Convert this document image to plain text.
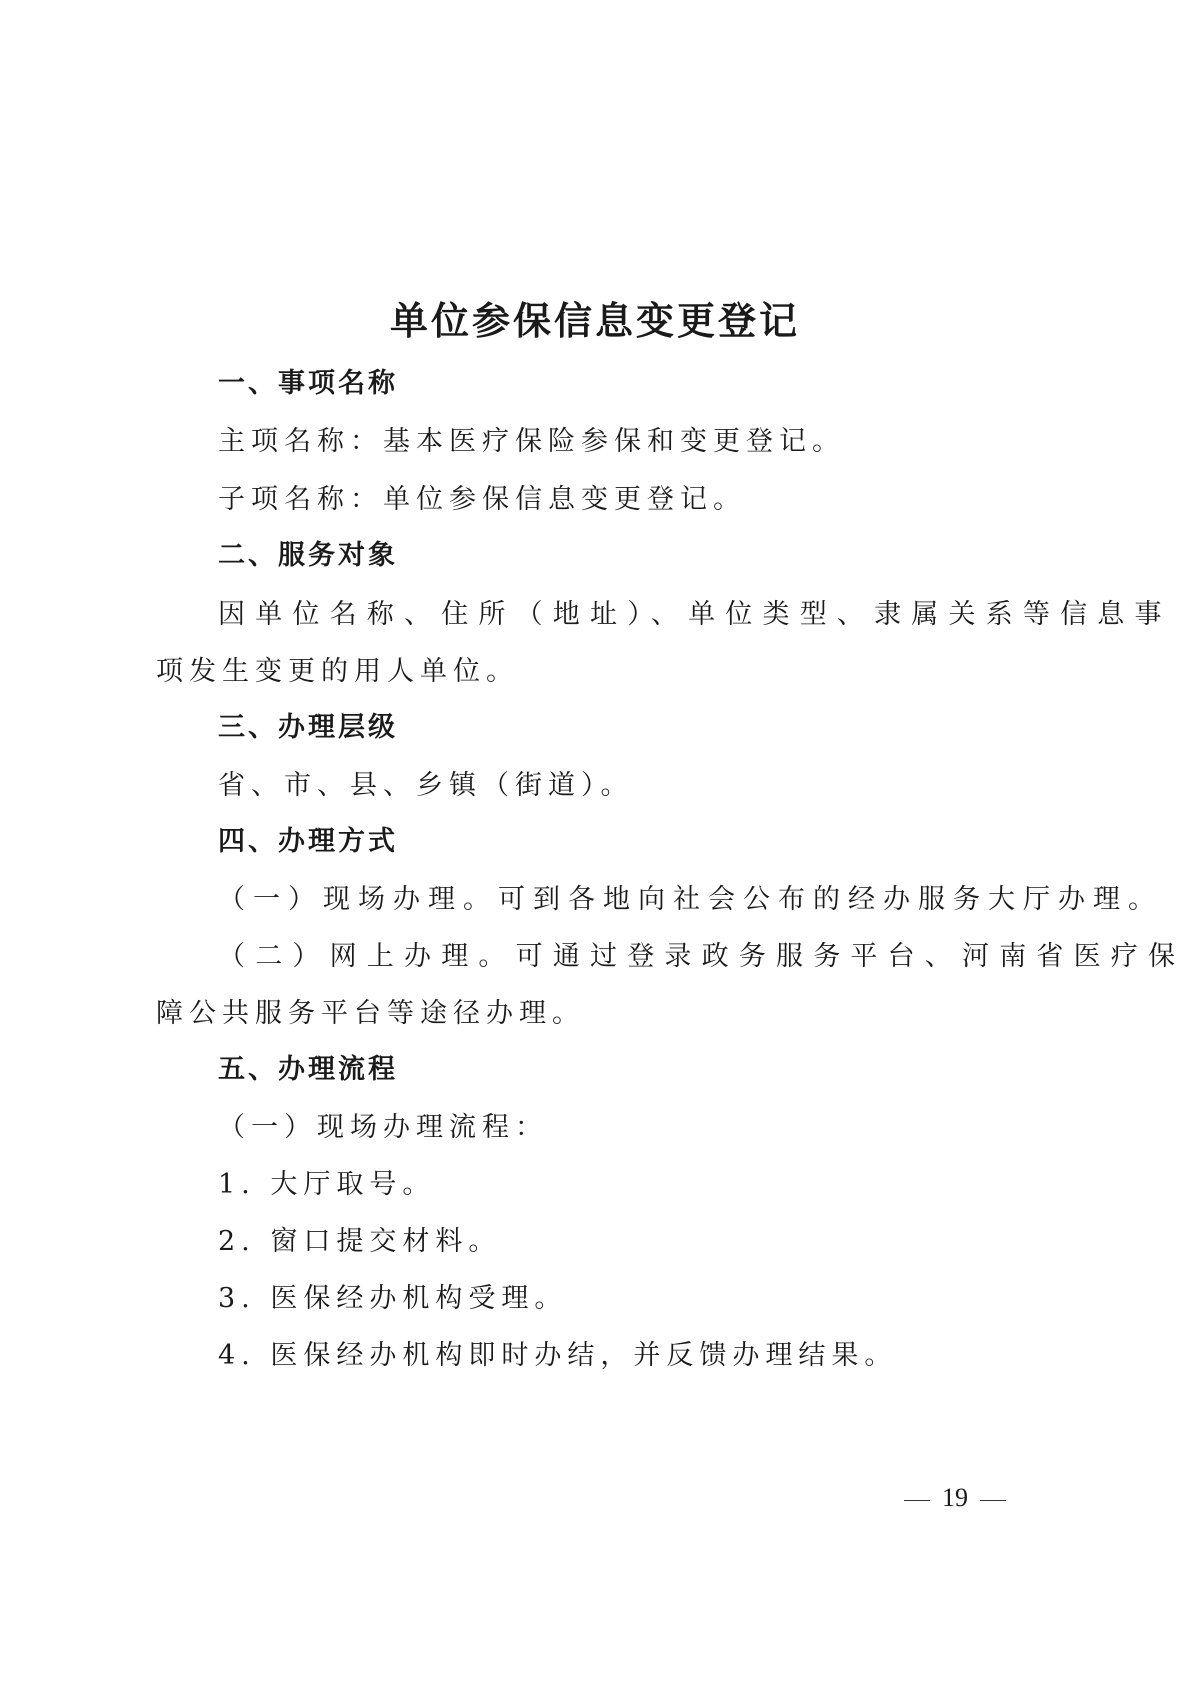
单位参保信息变更登记
一、事项名称
主项名称：基本医疗保险参保和变更登记。
子项名称：单位参保信息变更登记。
二、服务对象
因单位名称、住所（地址）、单位类型、隶属关系等信息事
项发生变更的用人单位。
三、办理层级
省、市、县、乡镇（街道）。
四、办理方式
（一）现场办理。可到各地向社会公布的经办服务大厅办理。
（二）网上办理。可通过登录政务服务平台、河南省医疗保
障公共服务平台等途径办理。
五、办理流程
（一）现场办理流程：
1. 大厅取号。
2. 窗口提交材料。
3. 医保经办机构受理。
4. 医保经办机构即时办结，并反馈办理结果。
19
